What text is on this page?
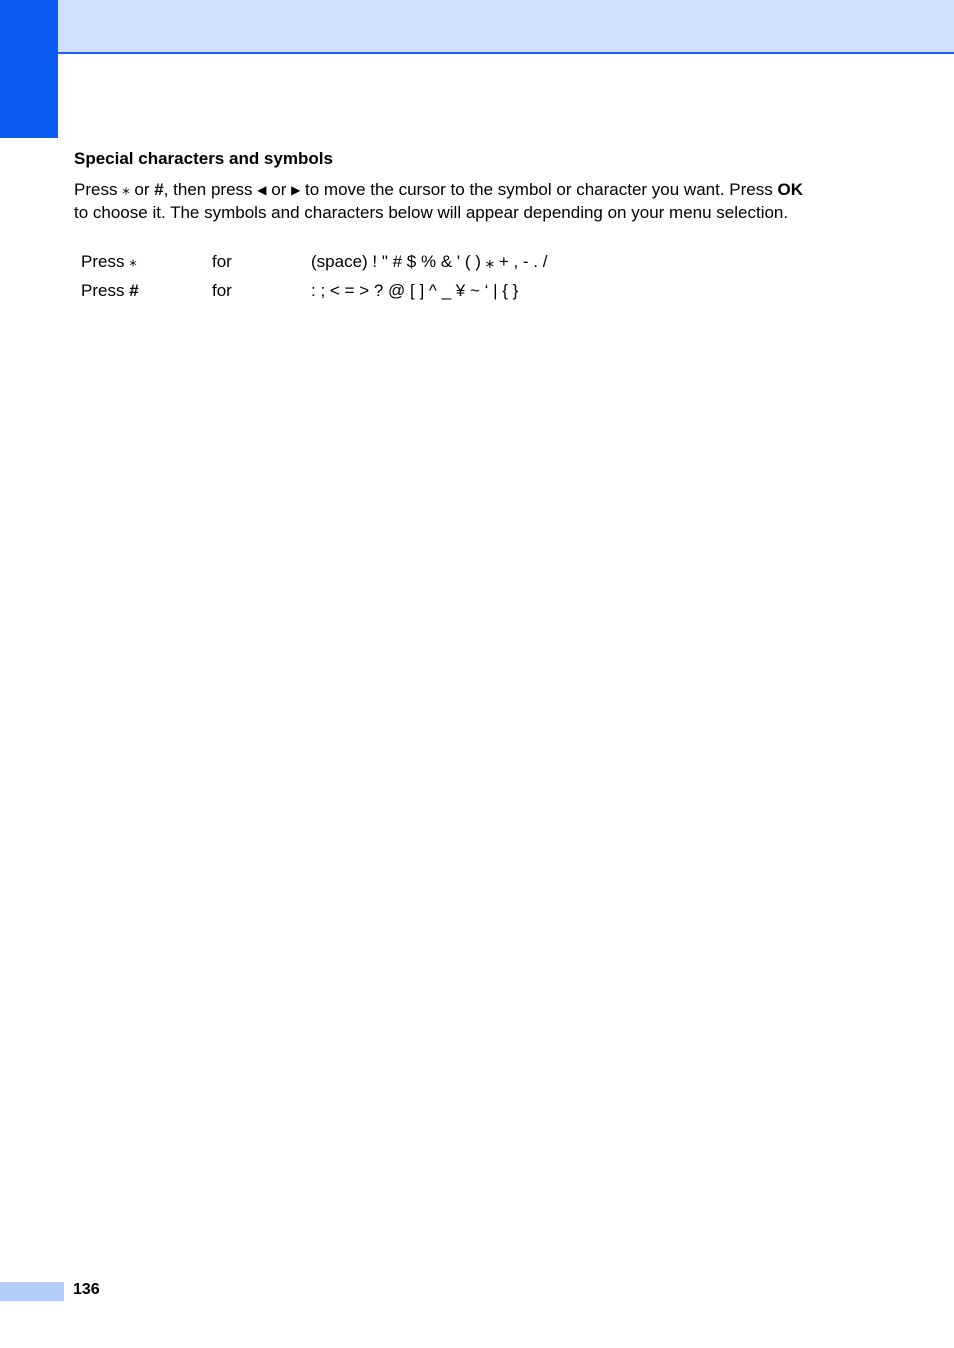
Special characters and symbols
Press ⁎ or #, then press ◀ or ▶ to move the cursor to the symbol or character you want. Press OK
to choose it. The symbols and characters below will appear depending on your menu selection.
Press ⁎	for	(space) ! " # $ % & ' ( ) ⁎ + , - . /
Press #	for	: ; < = > ? @ [ ] ^ _ ¥ ~ ‘ | { }
136
